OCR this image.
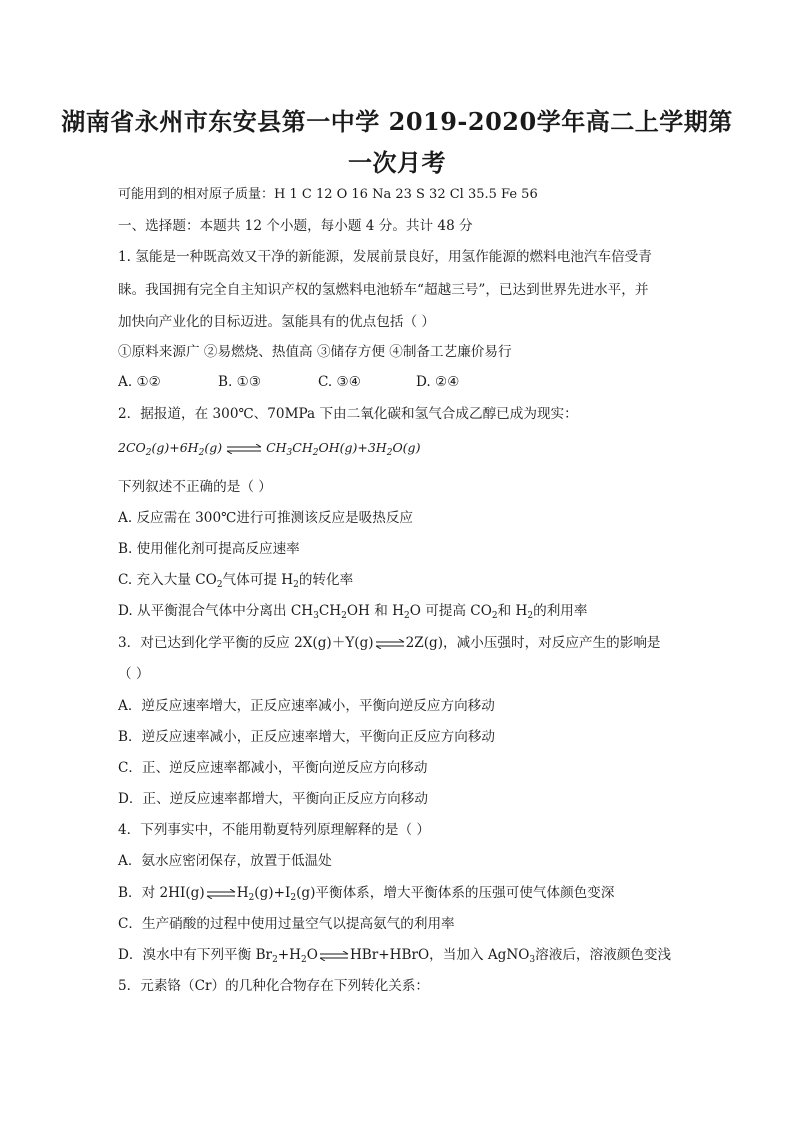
湖南省永州市东安县第一中学 2019-2020学年高二上学期第
一次月考
可能用到的相对原子质量：H 1 C 12 O 16 Na 23 S 32 Cl 35.5 Fe 56
一、选择题：本题共 12 个小题，每小题 4 分。共计 48 分
1. 氢能是一种既高效又干净的新能源，发展前景良好，用氢作能源的燃料电池汽车倍受青
睐。我国拥有完全自主知识产权的氢燃料电池轿车“超越三号”，已达到世界先进水平，并
加快向产业化的目标迈进。氢能具有的优点包括（ ）
①原料来源广 ②易燃烧、热值高 ③储存方便 ④制备工艺廉价易行
A. ①②	B. ①③	C. ③④	D. ②④
2．据报道，在 300℃、70MPa 下由二氧化碳和氢气合成乙醇已成为现实：
$2CO_2(g)+6H_2(g)$ ⇌ $CH_3CH_2OH(g)+3H_2O(g)$
下列叙述不正确的是（ ）
A. 反应需在 300℃进行可推测该反应是吸热反应
B. 使用催化剂可提高反应速率
C. 充入大量 $CO_2$气体可提 $H_2$的转化率
D. 从平衡混合气体中分离出 $CH_3CH_2OH$ 和 $H_2O$ 可提高 $CO_2$和 $H_2$的利用率
3．对已达到化学平衡的反应 2X(g)＋Y(g)⇌2Z(g)，减小压强时，对反应产生的影响是
（ ）
A．逆反应速率增大，正反应速率减小，平衡向逆反应方向移动
B．逆反应速率减小，正反应速率增大，平衡向正反应方向移动
C．正、逆反应速率都减小，平衡向逆反应方向移动
D．正、逆反应速率都增大，平衡向正反应方向移动
4．下列事实中，不能用勒夏特列原理解释的是（ ）
A．氨水应密闭保存，放置于低温处
B．对 $2HI(g)\rightleftharpoons H_2(g)+I_2(g)$平衡体系，增大平衡体系的压强可使气体颜色变深
C．生产硝酸的过程中使用过量空气以提高氨气的利用率
D．溴水中有下列平衡 $Br_2+H_2O\rightleftharpoons HBr+HBrO$，当加入 AgNO$_3$溶液后，溶液颜色变浅
5．元素铬（Cr）的几种化合物存在下列转化关系：
